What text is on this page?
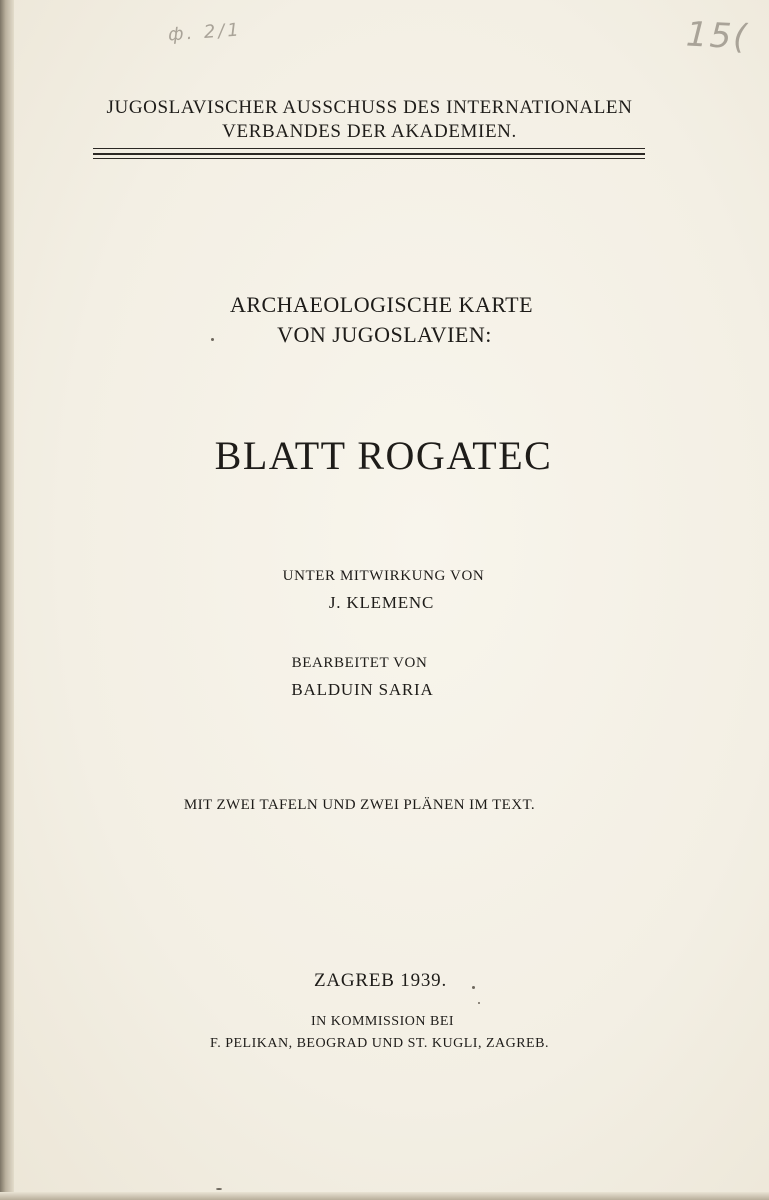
ф. 2/1	15(
JUGOSLAVISCHER AUSSCHUSS DES INTERNATIONALEN
VERBANDES DER AKADEMIEN.
ARCHAEOLOGISCHE KARTE
VON JUGOSLAVIEN:
BLATT ROGATEC
UNTER MITWIRKUNG VON
J. KLEMENC
BEARBEITET VON
BALDUIN SARIA
MIT ZWEI TAFELN UND ZWEI PLÄNEN IM TEXT.
ZAGREB 1939.
IN KOMMISSION BEI
F. PELIKAN, BEOGRAD UND ST. KUGLI, ZAGREB.
